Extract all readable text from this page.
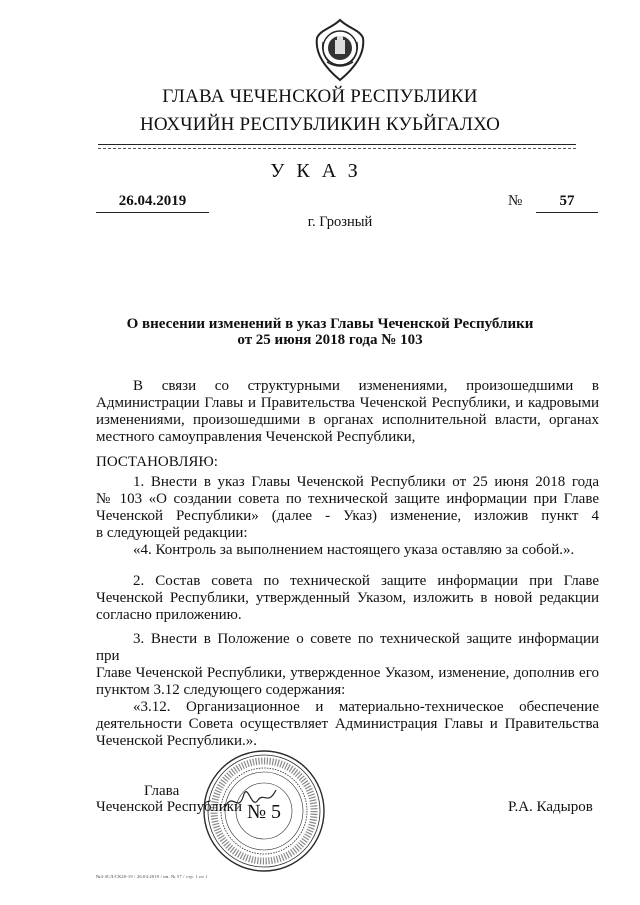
ГЛАВА ЧЕЧЕНСКОЙ РЕСПУБЛИКИ
НОХЧИЙН РЕСПУБЛИКИН КУЬЙГАЛХО
УКАЗ
26.04.2019	№	57
г. Грозный
О внесении изменений в указ Главы Чеченской Республики
от 25 июня 2018 года № 103

В связи со структурными изменениями, произошедшими в

Администрации Главы и Правительства Чеченской Республики, и кадровыми

изменениями, произошедшими в органах исполнительной власти, органах

местного самоуправления Чеченской Республики,

ПОСТАНОВЛЯЮ:

1. Внести в указ Главы Чеченской Республики от 25 июня 2018 года

№ 103 «О создании совета по технической защите информации при Главе

Чеченской Республики» (далее - Указ) изменение, изложив пункт 4

в следующей редакции:

«4. Контроль за выполнением настоящего указа оставляю за собой.».

2. Состав совета по технической защите информации при Главе

Чеченской Республики, утвержденный Указом, изложить в новой редакции

согласно приложению.

3. Внести в Положение о совете по технической защите информации при

Главе Чеченской Республики, утвержденное Указом, изменение, дополнив его

пунктом 3.12 следующего содержания:

«3.12. Организационное и материально-техническое обеспечение

деятельности Совета осуществляет Администрация Главы и Правительства

Чеченской Республики.».

№ 5
Глава
Чеченской Республики	Р.А. Кадыров
№4-ЗСЛ/СК20-19 / 26.04.2019 / ин. № 57 / стр. 1 из 1
